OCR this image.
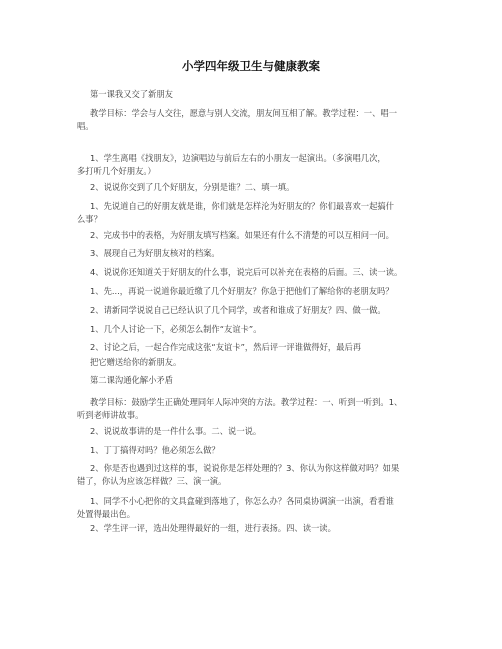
小学四年级卫生与健康教案
第一课我又交了新朋友
教学目标：学会与人交往，愿意与别人交流，朋友间互相了解。教学过程：一、唱一
唱。
1、学生离唱《找朋友》，边演唱边与前后左右的小朋友一起演出。（多演唱几次，
多打听几个好朋友。）
2、说说你交到了几个好朋友，分别是谁？二、填一填。
1、先说道自己的好朋友就是谁，你们就是怎样沦为好朋友的？你们最喜欢一起搞什
么事？
2、完成书中的表格，为好朋友填写档案。如果还有什么不清楚的可以互相问一问。
3、展现自己为好朋友核对的档案。
4、说说你还知道关于好朋友的什么事，说完后可以补充在表格的后面。三、读一读。
1、先...，再说一说道你最近缴了几个好朋友？你急于把他们了解给你的老朋友吗？
2、请新同学说说自己已经认识了几个同学，或者和谁成了好朋友？四、做一做。
1、几个人讨论一下，必须怎么制作“友谊卡”。
2、讨论之后，一起合作完成这张“友谊卡”，然后评一评谁做得好，最后再
把它赠送给你的新朋友。
第二课沟通化解小矛盾
教学目标：鼓励学生正确处理同年人际冲突的方法。教学过程：一、听到一听到。1、
听到老师讲故事。
2、说说故事讲的是一件什么事。二、说一说。
1、丁丁搞得对吗？他必须怎么做？
2、你是否也遇到过这样的事，说说你是怎样处理的？3、你认为你这样做对吗？如果
错了，你认为应该怎样做？三、演一演。
1、同学不小心把你的文具盒碰到落地了，你怎么办？各同桌协调演一出演，看看谁
处置得最出色。
2、学生评一评，选出处理得最好的一组，进行表扬。四、读一读。
